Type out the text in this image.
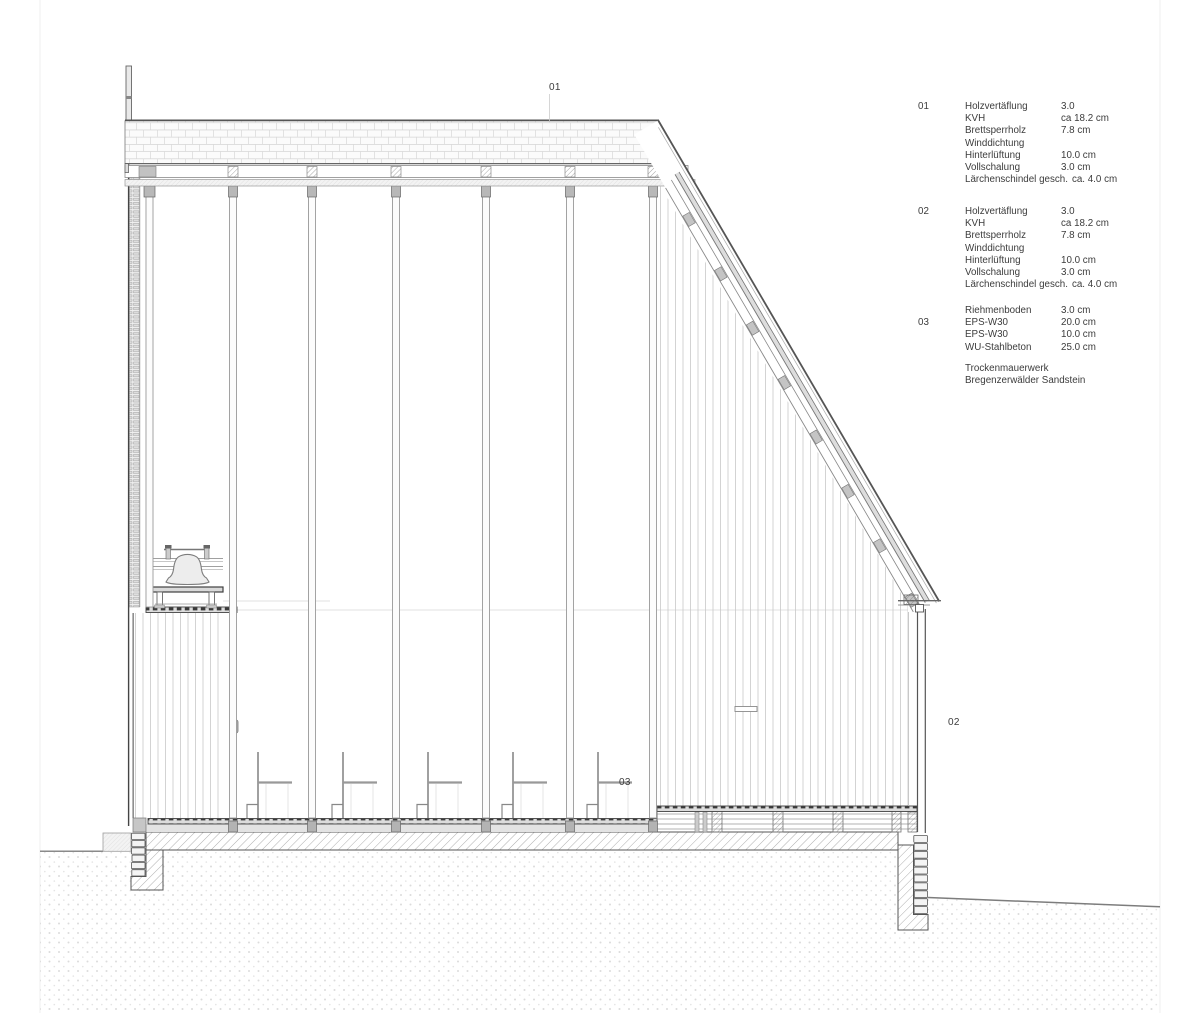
01
02
03
01	Holzvertäflung	3.0
KVH	ca 18.2 cm
Brettsperrholz	7.8 cm
Winddichtung
Hinterlüftung	10.0 cm
Vollschalung	3.0 cm
Lärchenschindel gesch. ca. 4.0 cm
02	Holzvertäflung	3.0
KVH	ca 18.2 cm
Brettsperrholz	7.8 cm
Winddichtung
Hinterlüftung	10.0 cm
Vollschalung	3.0 cm
Lärchenschindel gesch. ca. 4.0 cm
03
Riehmenboden	3.0 cm
EPS-W30	20.0 cm
EPS-W30	10.0 cm
WU-Stahlbeton	25.0 cm
Trockenmauerwerk
Bregenzerwälder Sandstein
